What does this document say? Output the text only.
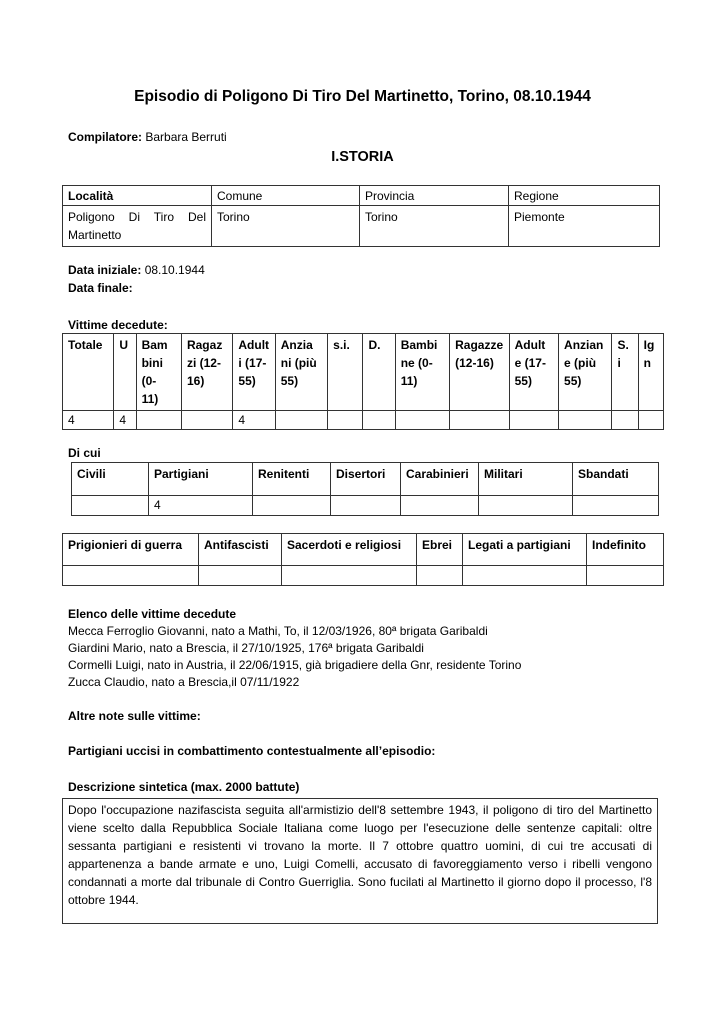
Episodio di Poligono Di Tiro Del Martinetto, Torino, 08.10.1944
Compilatore: Barbara Berruti
I.STORIA
Località	Comune	Provincia	Regione

Poligono Di Tiro Del
Martinetto	Torino	Torino	Piemonte
Data iniziale: 08.10.1944
Data finale:
Vittime decedute:
Totale	U	Bam
bini
(0-
11)	Ragaz
zi (12-
16)	Adult
i (17-
55)	Anzia
ni (più
55)	s.i.	D.	Bambi
ne (0-
11)	Ragazze
(12-16)	Adult
e (17-
55)	Anzian
e (più
55)	S.
i	Ig
n
4	4			4									
Di cui
Civili	Partigiani	Renitenti	Disertori	Carabinieri	Militari	Sbandati
	4					
Prigionieri di guerra	Antifascisti	Sacerdoti e religiosi	Ebrei	Legati a partigiani	Indefinito

Elenco delle vittime decedute
Mecca Ferroglio Giovanni, nato a Mathi, To, il 12/03/1926, 80ª brigata Garibaldi
Giardini Mario, nato a Brescia, il 27/10/1925, 176ª brigata Garibaldi
Cormelli Luigi, nato in Austria, il 22/06/1915, già brigadiere della Gnr, residente Torino
Zucca Claudio, nato a Brescia,il 07/11/1922
Altre note sulle vittime:
Partigiani uccisi in combattimento contestualmente all’episodio:
Descrizione sintetica (max. 2000 battute)
Dopo l'occupazione nazifascista seguita all'armistizio dell'8 settembre 1943, il poligono di tiro del Martinetto viene scelto dalla Repubblica Sociale Italiana come luogo per l'esecuzione delle sentenze capitali: oltre sessanta partigiani e resistenti vi trovano la morte. Il 7 ottobre quattro uomini, di cui tre accusati di appartenenza a bande armate e uno, Luigi Comelli, accusato di favoreggiamento verso i ribelli vengono condannati a morte dal tribunale di Contro Guerriglia. Sono fucilati al Martinetto il giorno dopo il processo, l'8 ottobre 1944.
